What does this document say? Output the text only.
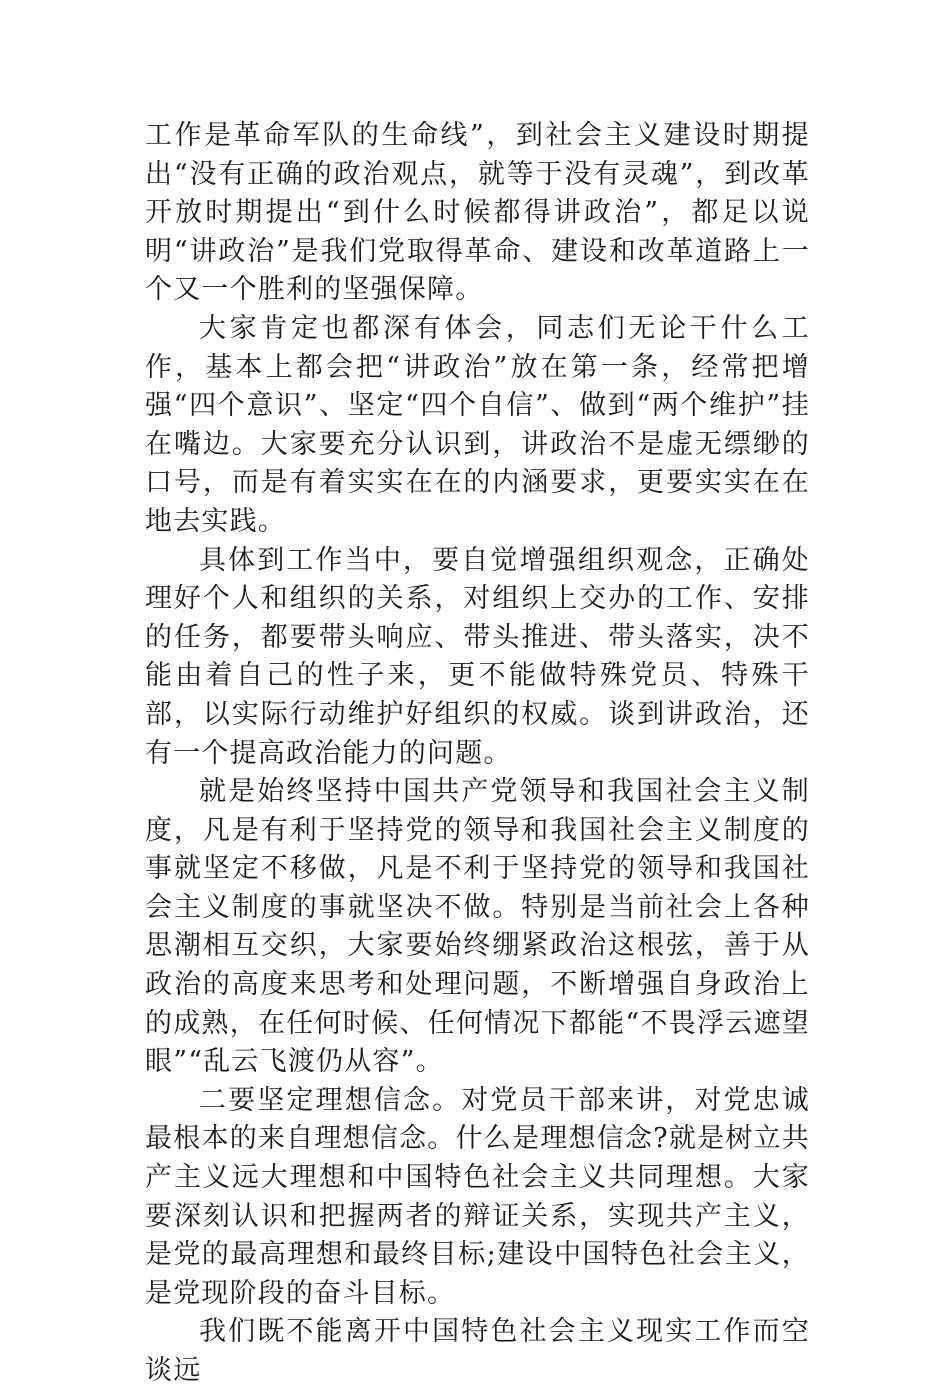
工作是革命军队的生命线”，到社会主义建设时期提出“没有正确的政治观点，就等于没有灵魂”，到改革开放时期提出“到什么时候都得讲政治”，都足以说明“讲政治”是我们党取得革命、建设和改革道路上一个又一个胜利的坚强保障。

大家肯定也都深有体会，同志们无论干什么工作，基本上都会把“讲政治”放在第一条，经常把增强“四个意识”、坚定“四个自信”、做到“两个维护”挂在嘴边。大家要充分认识到，讲政治不是虚无缥缈的口号，而是有着实实在在的内涵要求，更要实实在在地去实践。

具体到工作当中，要自觉增强组织观念，正确处理好个人和组织的关系，对组织上交办的工作、安排的任务，都要带头响应、带头推进、带头落实，决不能由着自己的性子来，更不能做特殊党员、特殊干部，以实际行动维护好组织的权威。谈到讲政治，还有一个提高政治能力的问题。

就是始终坚持中国共产党领导和我国社会主义制度，凡是有利于坚持党的领导和我国社会主义制度的事就坚定不移做，凡是不利于坚持党的领导和我国社会主义制度的事就坚决不做。特别是当前社会上各种思潮相互交织，大家要始终绷紧政治这根弦，善于从政治的高度来思考和处理问题，不断增强自身政治上的成熟，在任何时候、任何情况下都能“不畏浮云遮望眼”“乱云飞渡仍从容”。

二要坚定理想信念。对党员干部来讲，对党忠诚最根本的来自理想信念。什么是理想信念?就是树立共产主义远大理想和中国特色社会主义共同理想。大家要深刻认识和把握两者的辩证关系，实现共产主义，是党的最高理想和最终目标;建设中国特色社会主义，是党现阶段的奋斗目标。

我们既不能离开中国特色社会主义现实工作而空谈远
